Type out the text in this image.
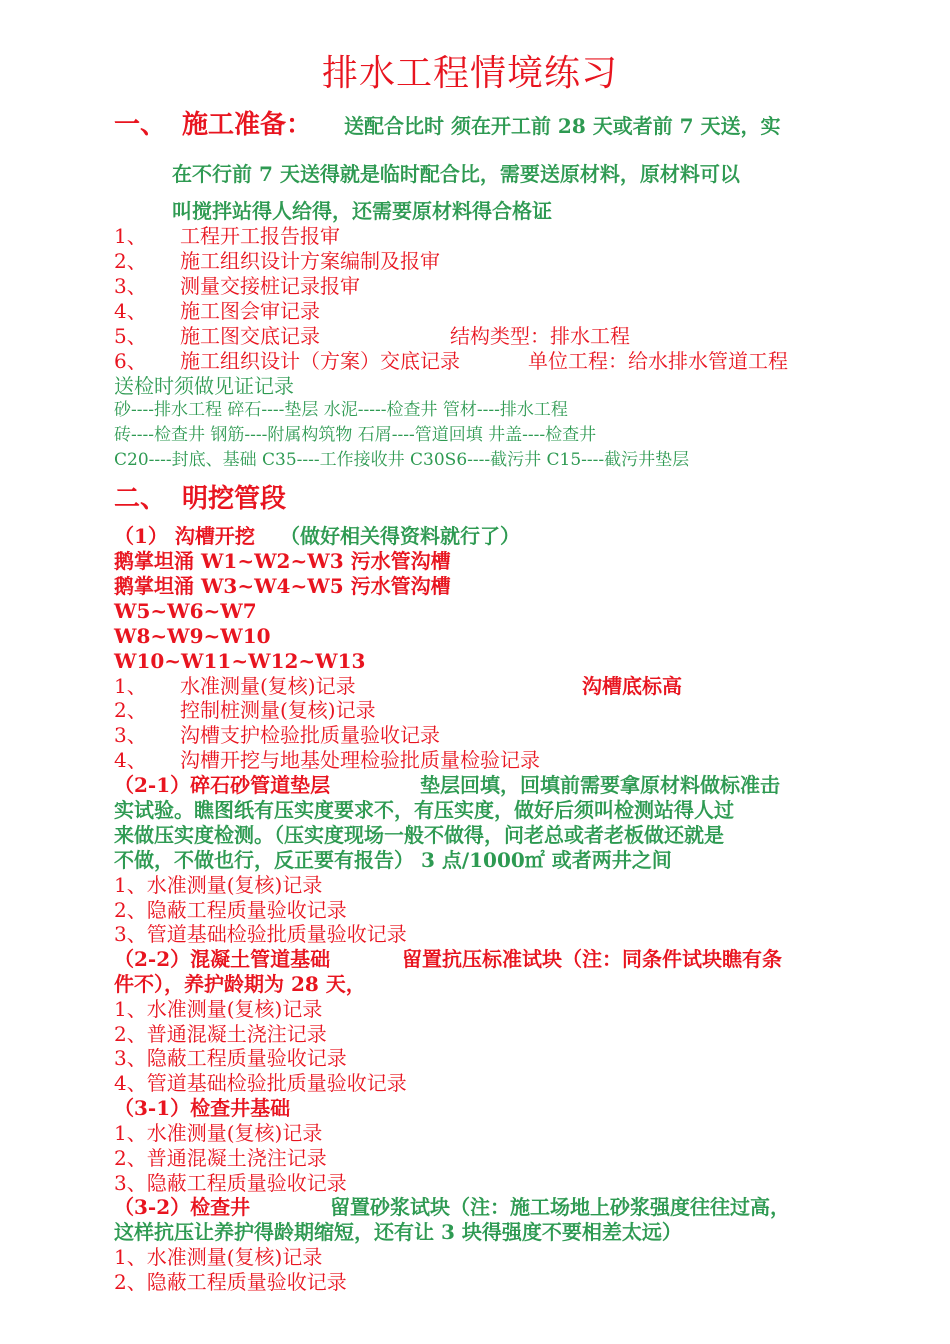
排水工程情境练习
一、 施工准备： 送配合比时 须在开工前 28 天或者前 7 天送，实
在不行前 7 天送得就是临时配合比，需要送原材料，原材料可以
叫搅拌站得人给得，还需要原材料得合格证
1、 工程开工报告报审
2、 施工组织设计方案编制及报审
3、 测量交接桩记录报审
4、 施工图会审记录
5、 施工图交底记录	结构类型：排水工程
6、 施工组织设计（方案）交底记录	单位工程：给水排水管道工程
送检时须做见证记录
砂----排水工程 碎石----垫层 水泥-----检查井 管材----排水工程
砖----检查井 钢筋----附属构筑物 石屑----管道回填 井盖----检查井
C20----封底、基础 C35----工作接收井 C30S6----截污井 C15----截污井垫层
二、 明挖管段
（1） 沟槽开挖 （做好相关得资料就行了）
鹅掌坦涌 W1~W2~W3 污水管沟槽
鹅掌坦涌 W3~W4~W5 污水管沟槽
W5~W6~W7
W8~W9~W10
W10~W11~W12~W13
1、 水准测量(复核)记录	沟槽底标高
2、 控制桩测量(复核)记录
3、 沟槽支护检验批质量验收记录
4、 沟槽开挖与地基处理检验批质量检验记录
（2-1）碎石砂管道垫层	垫层回填，回填前需要拿原材料做标准击
实试验。瞧图纸有压实度要求不，有压实度，做好后须叫检测站得人过
来做压实度检测。（压实度现场一般不做得，问老总或者老板做还就是
不做，不做也行，反正要有报告） 3 点/1000㎡ 或者两井之间
1、水准测量(复核)记录
2、隐蔽工程质量验收记录
3、管道基础检验批质量验收记录
（2-2）混凝土管道基础	留置抗压标准试块（注：同条件试块瞧有条
件不），养护龄期为 28 天，
1、水准测量(复核)记录
2、普通混凝土浇注记录
3、隐蔽工程质量验收记录
4、管道基础检验批质量验收记录
（3-1）检查井基础
1、水准测量(复核)记录
2、普通混凝土浇注记录
3、隐蔽工程质量验收记录
（3-2）检查井	留置砂浆试块（注：施工场地上砂浆强度往往过高，
这样抗压让养护得龄期缩短，还有让 3 块得强度不要相差太远）
1、水准测量(复核)记录
2、隐蔽工程质量验收记录
